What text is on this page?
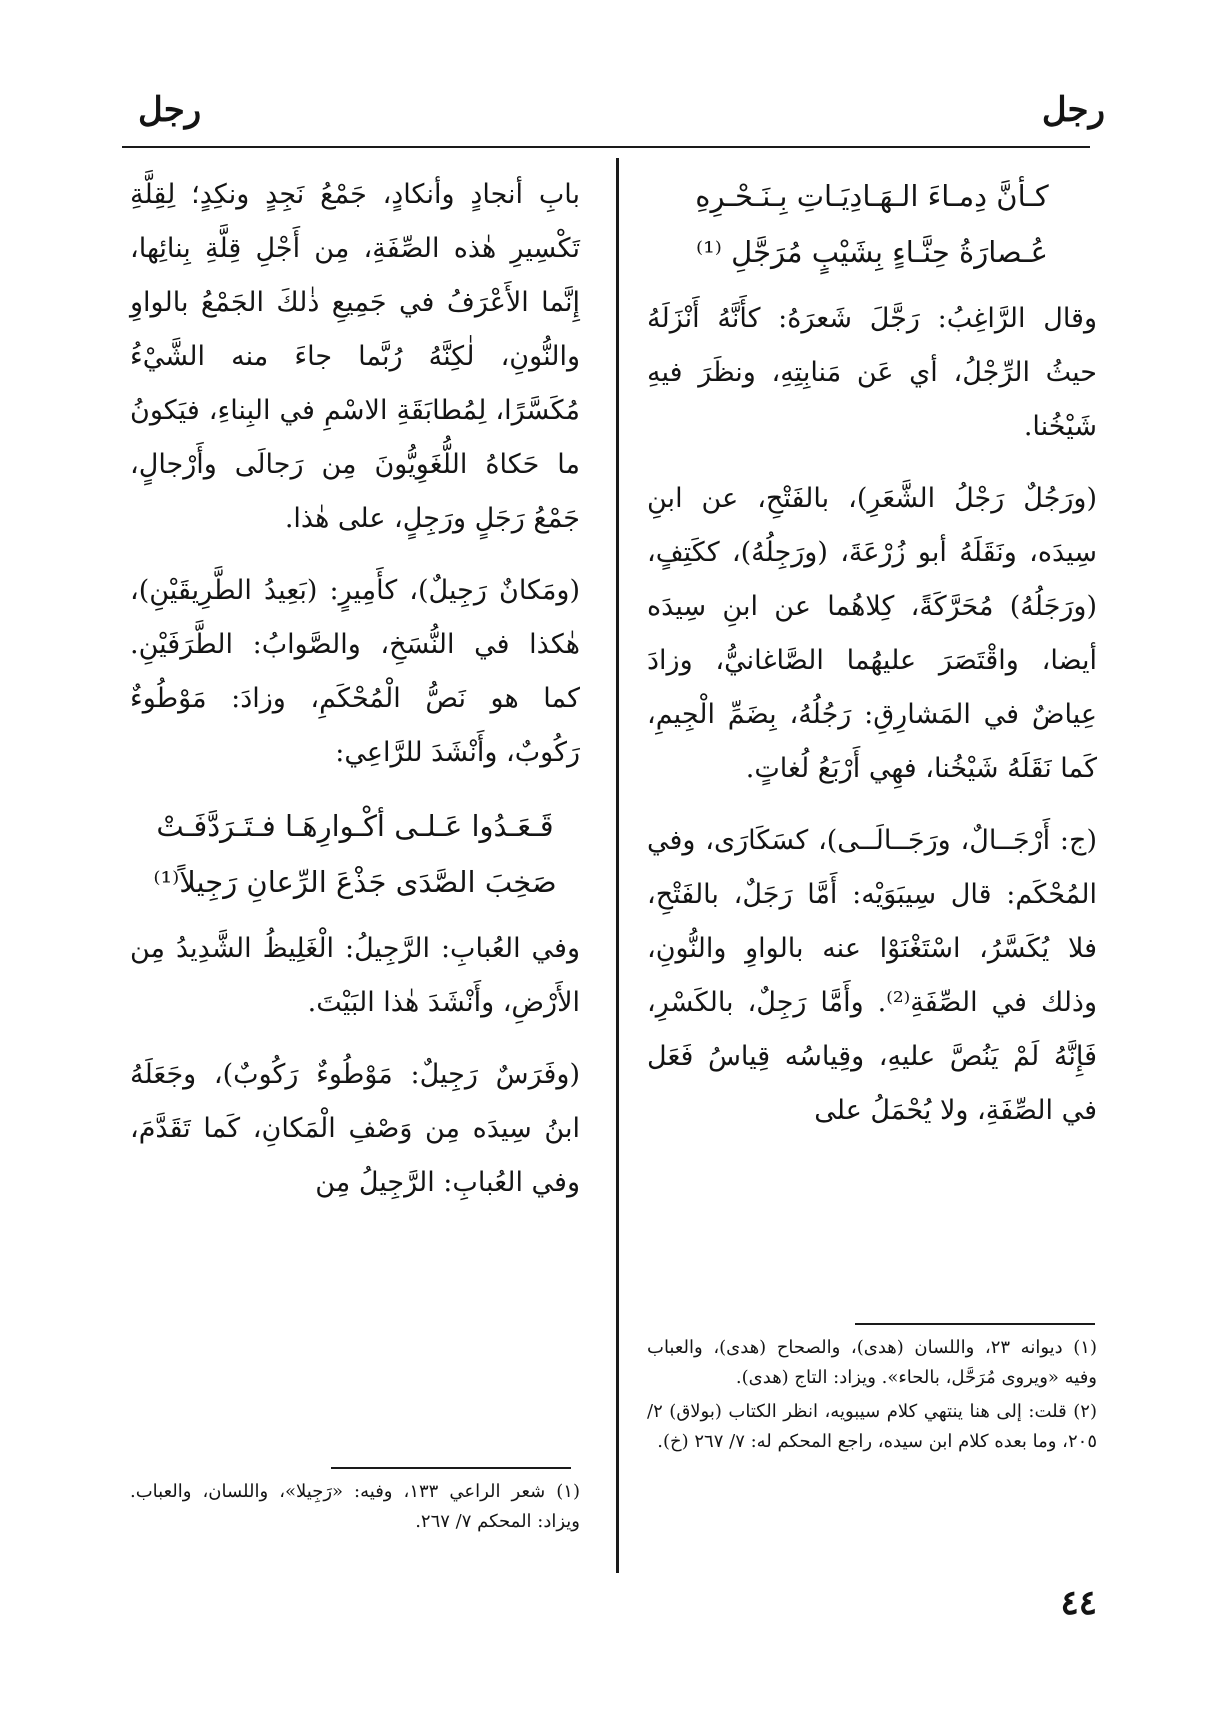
رجل
رجل
كـأنَّ دِمـاءَ الـهَـادِيَـاتِ بِـنَـحْـرِهِ
عُـصارَةُ حِنَّـاءٍ بِشَيْبٍ مُرَجَّلِ ⁽¹⁾

وقال الرَّاغِبُ: رَجَّلَ شَعرَهُ: كأَنَّهُ أَنْزَلَهُ حيثُ الرِّجْلُ، أي عَن مَنابِتِهِ، ونظَرَ فيهِ شَيْخُنا.

(ورَجُلٌ رَجْلُ الشَّعَرِ)، بالفَتْحِ، عن ابنِ سِيدَه، ونَقَلَهُ أبو زُرْعَةَ، (ورَجِلُهُ)، ككَتِفٍ، (ورَجَلُهُ) مُحَرَّكَةً، كِلاهُما عن ابنِ سِيدَه أيضا، واقْتَصَرَ عليهُما الصَّاغانيُّ، وزادَ عِياضٌ في المَشارِقِ: رَجُلُهُ، بِضَمِّ الْجِيمِ، كَما نَقَلَهُ شَيْخُنا، فهِي أَرْبَعُ لُغاتٍ.

(ج: أَرْجَــالٌ، ورَجَــالَــى)، كسَكَارَى، وفي المُحْكَم: قال سِيبَوَيْه: أَمَّا رَجَلٌ، بالفَتْحِ، فلا يُكَسَّرُ، اسْتَغْنَوْا عنه بالواوِ والنُّونِ، وذلك في الصِّفَةِ⁽²⁾. وأَمَّا رَجِلٌ، بالكَسْرِ، فَإِنَّهُ لَمْ يَنُصَّ عليهِ، وقِياسُه قِياسُ فَعَل في الصِّفَةِ، ولا يُحْمَلُ على

بابِ أنجادٍ وأنكادٍ، جَمْعُ نَجِدٍ ونكِدٍ؛ لِقِلَّةِ تَكْسِيرِ هٰذه الصِّفَةِ، مِن أَجْلِ قِلَّةِ بِنائِها، إِنَّما الأَعْرَفُ في جَمِيعِ ذٰلكَ الجَمْعُ بالواوِ والنُّونِ، لٰكِنَّهُ رُبَّما جاءَ منه الشَّيْءُ مُكَسَّرًا، لِمُطابَقَةِ الاسْمِ في البِناءِ، فيَكونُ ما حَكاهُ اللُّغَوِيُّونَ مِن رَجالَى وأَرْجالٍ، جَمْعُ رَجَلٍ ورَجِلٍ، على هٰذا.

(ومَكانٌ رَجِيلٌ)، كأَمِيرٍ: (بَعِيدُ الطَّرِيقَيْنِ)، هٰكذا في النُّسَخِ، والصَّوابُ: الطَّرَفَيْنِ. كما هو نَصُّ الْمُحْكَمِ، وزادَ: مَوْطُوءٌ رَكُوبٌ، وأَنْشَدَ للرَّاعِي:

قَـعَـدُوا عَـلـى أكْـوارِهَـا فـتَـرَدَّفَـتْ
صَخِبَ الصَّدَى جَذْعَ الرِّعانِ رَجِيلاً⁽¹⁾

وفي العُبابِ: الرَّجِيلُ: الْغَلِيظُ الشَّدِيدُ مِن الأَرْضِ، وأَنْشَدَ هٰذا البَيْتَ.

(وفَرَسٌ رَجِيلٌ: مَوْطُوءٌ رَكُوبٌ)، وجَعَلَهُ ابنُ سِيدَه مِن وَصْفِ الْمَكانِ، كَما تَقَدَّمَ، وفي العُبابِ: الرَّجِيلُ مِن

(١) ديوانه ٢٣، واللسان (هدى)، والصحاح (هدى)، والعباب وفيه «ويروى مُرَحَّل، بالحاء». ويزاد: التاج (هدى).

(٢) قلت: إلى هنا ينتهي كلام سيبويه، انظر الكتاب (بولاق) ٢/ ٢٠٥، وما بعده كلام ابن سيده، راجع المحكم له: ٧/ ٢٦٧ (خ).

(١) شعر الراعي ١٣٣، وفيه: «رَجِيلا»، واللسان، والعباب. ويزاد: المحكم ٧/ ٢٦٧.

٤٤
